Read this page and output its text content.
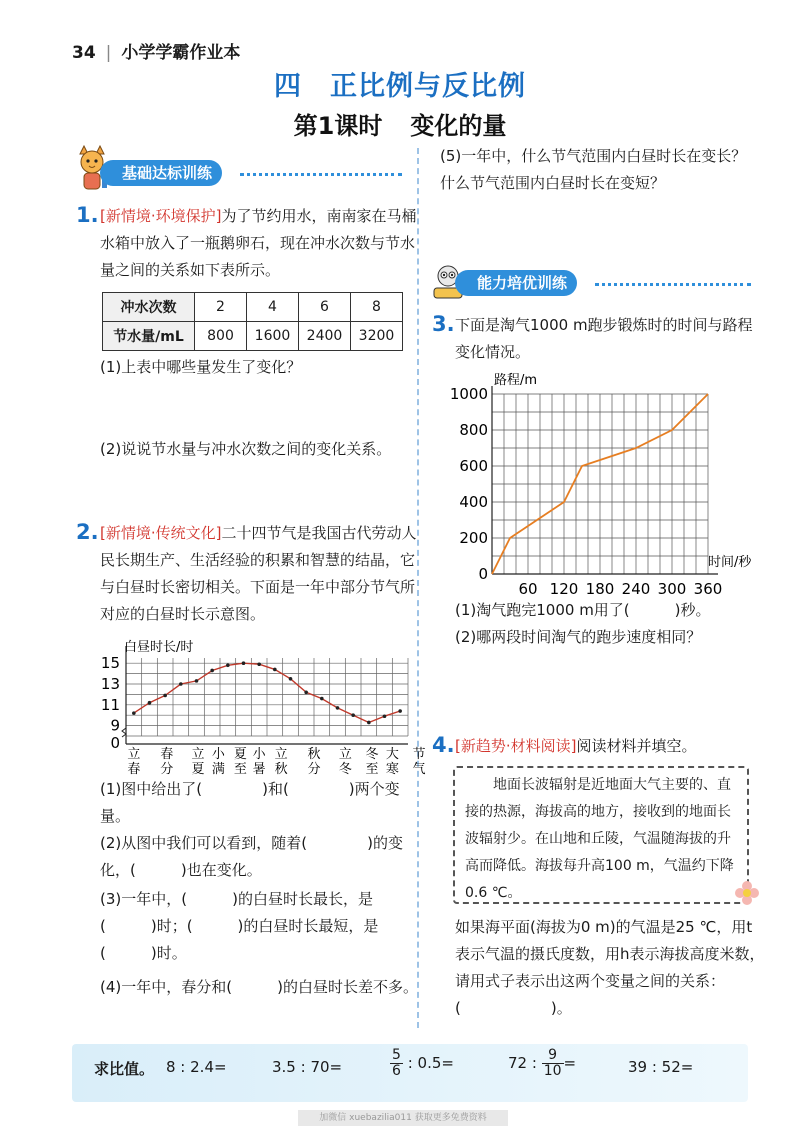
34 | 小学学霸作业本
四 正比例与反比例
第1课时 变化的量
基础达标训练
1. [新情境·环境保护]为了节约用水，南南家在马桶水箱中放入了一瓶鹅卵石，现在冲水次数与节水量之间的关系如下表所示。
冲水次数	2	4	6	8
节水量/mL	800	1600	2400	3200
(1)上表中哪些量发生了变化？
(2)说说节水量与冲水次数之间的变化关系。
2. [新情境·传统文化]二十四节气是我国古代劳动人民长期生产、生活经验的积累和智慧的结晶，它与白昼时长密切相关。下面是一年中部分节气所对应的白昼时长示意图。
0
9
11
13
15
白昼时长/时
立春
春分
立夏
小满
夏至
小暑
立秋
秋分
立冬
冬至
大寒
节气
(1)图中给出了(　　　　)和(　　　　)两个变量。
(2)从图中我们可以看到，随着(　　　　)的变化，(　　　)也在变化。
(3)一年中，(　　　)的白昼时长最长，是(　　　)时；(　　　)的白昼时长最短，是(　　　)时。
(4)一年中，春分和(　　　)的白昼时长差不多。
(5)一年中，什么节气范围内白昼时长在变长？什么节气范围内白昼时长在变短？
能力培优训练
3. 下面是淘气1000 m跑步锻炼时的时间与路程变化情况。
0
200
400
600
800
1000
60 120 180 240 300 360
路程/m
时间/秒
(1)淘气跑完1000 m用了(　　　)秒。
(2)哪两段时间淘气的跑步速度相同？
4. [新趋势·材料阅读]阅读材料并填空。
地面长波辐射是近地面大气主要的、直接的热源，海拔高的地方，接收到的地面长波辐射少。在山地和丘陵，气温随海拔的升高而降低。海拔每升高100 m，气温约下降0.6 ℃。
如果海平面(海拔为0 m)的气温是25 ℃，用t表示气温的摄氏度数，用h表示海拔高度米数，请用式子表示出这两个变量之间的关系：(　　　　　　)。
求比值。 8 : 2.4=	3.5 : 70=	$\frac{5}{6}$ : 0.5=	72 : $\frac{9}{10}$ =	39 : 52=
加微信 xuebazilia011 获取更多免费资料
